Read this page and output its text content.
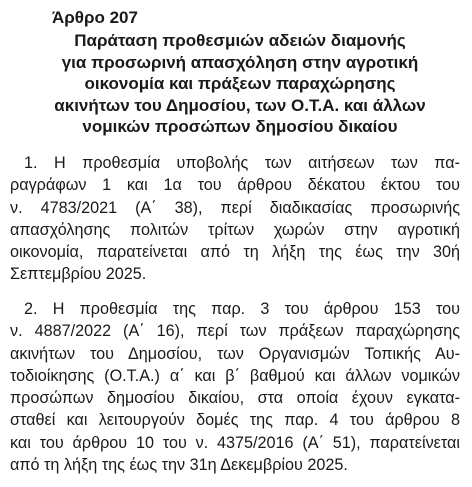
Άρθρο 207
Παράταση προθεσμιών αδειών διαμονής
για προσωρινή απασχόληση στην αγροτική
οικονομία και πράξεων παραχώρησης
ακινήτων του Δημοσίου, των Ο.Τ.Α. και άλλων
νομικών προσώπων δημοσίου δικαίου

1. Η προθεσμία υποβολής των αιτήσεων των πα-
ραγράφων 1 και 1α του άρθρου δέκατου έκτου του
ν. 4783/2021 (Α΄ 38), περί διαδικασίας προσωρινής
απασχόλησης πολιτών τρίτων χωρών στην αγροτική
οικονομία, παρατείνεται από τη λήξη της έως την 30ή
Σεπτεμβρίου 2025.

2. Η προθεσμία της παρ. 3 του άρθρου 153 του
ν. 4887/2022 (Α΄ 16), περί των πράξεων παραχώρησης
ακινήτων του Δημοσίου, των Οργανισμών Τοπικής Αυ-
τοδιοίκησης (Ο.Τ.Α.) α΄ και β΄ βαθμού και άλλων νομικών
προσώπων δημοσίου δικαίου, στα οποία έχουν εγκατα-
σταθεί και λειτουργούν δομές της παρ. 4 του άρθρου 8
και του άρθρου 10 του ν. 4375/2016 (Α΄ 51), παρατείνεται
από τη λήξη της έως την 31η Δεκεμβρίου 2025.
